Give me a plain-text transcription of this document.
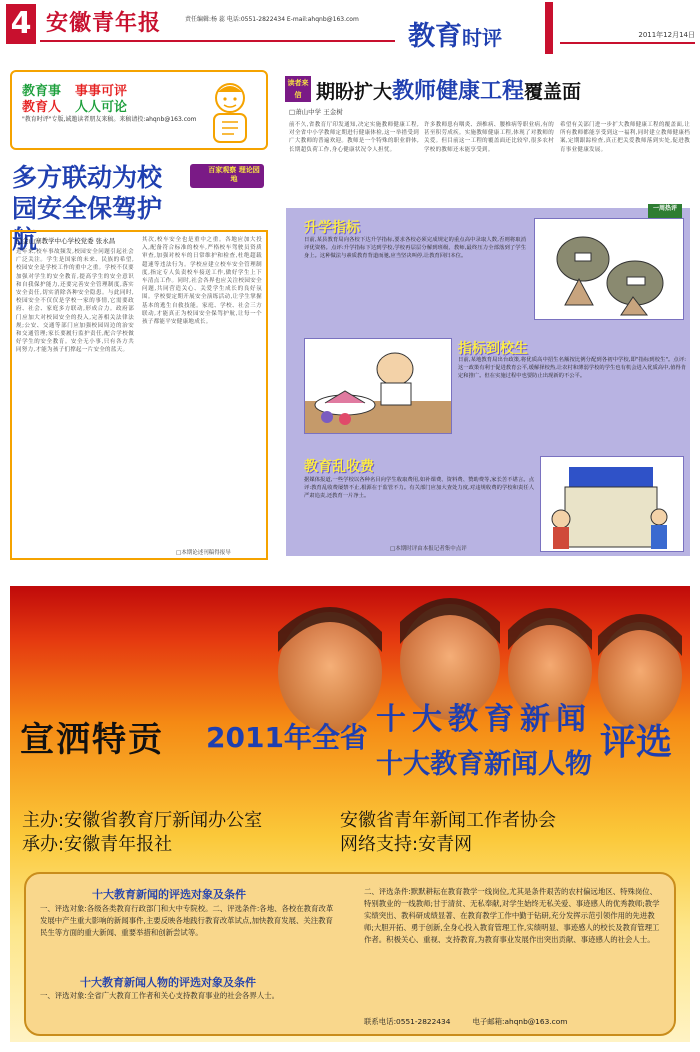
4 安徽青年报	责任编辑:杨 蕊 电话:0551-2822434 E-mail:ahqnb@163.com
教育时评	2011年12月14日
教育事 事事可评
教育人 人人可论
"教育时评"专版,诚邀读者朋友来稿。来稿请投:ahqnb@163.com
多方联动为校园安全保驾护航
百家观察 理论园地
□金山寨教学中心学校党委 张永昌
近年来,校车事故频发,校园安全问题引起社会广泛关注。学生是国家的未来、民族的希望,校园安全是学校工作的重中之重。学校不仅要加强对学生的安全教育,提高学生的安全意识和自我保护能力,还要完善安全管理制度,落实安全责任,切实消除各种安全隐患。与此同时,校园安全不仅仅是学校一家的事情,它需要政府、社会、家庭多方联动,形成合力。政府部门应加大对校园安全的投入,完善相关法律法规;公安、交通等部门应加强校园周边的治安和交通管理;家长要履行监护责任,配合学校做好学生的安全教育。安全无小事,只有各方共同努力,才能为孩子们撑起一片安全的蓝天。
其次,校车安全也是重中之重。各地应加大投入,配备符合标准的校车,严格校车驾驶员资质审查,加强对校车的日常维护和检查,杜绝超载超速等违法行为。学校应建立校车安全管理制度,指定专人负责校车接送工作,做好学生上下车清点工作。同时,社会各界也应关注校园安全问题,共同营造关心、关爱学生成长的良好氛围。学校要定期开展安全演练活动,让学生掌握基本的逃生自救技能。家庭、学校、社会三方联动,才能真正为校园安全保驾护航,让每一个孩子都能平安健康地成长。
□本期论述刊稿得报导
读者来信 期盼扩大教师健康工程覆盖面
□萧山中学 王金树
前不久,省教育厅印发通知,决定实施教师健康工程,对全省中小学教师定期进行健康体检,这一举措受到广大教师的普遍欢迎。教师是一个特殊的职业群体,长期超负荷工作,身心健康状况令人担忧。
许多教师患有咽炎、颈椎病、腰椎病等职业病,有的甚至积劳成疾。实施教师健康工程,体现了对教师的关爱。但目前这一工程的覆盖面还比较窄,很多农村学校的教师还未能享受到。
希望有关部门进一步扩大教师健康工程的覆盖面,让所有教师都能享受到这一福利,同时建立教师健康档案,定期跟踪检查,真正把关爱教师落到实处,促进教育事业健康发展。
一周热评
升学指标
日前,某县教育局向各校下达升学指标,要求各校必须完成规定的重点高中录取人数,否则将取消评优资格。点评:升学指标下达到学校,学校再层层分解到班级、教师,最终压力全部落到了学生身上。这种做法与素质教育背道而驰,应当坚决叫停,让教育回归本位。
指标到校生
日前,某地教育局出台政策,将优质高中招生名额按比例分配到各初中学校,即"指标到校生"。点评:这一政策有利于促进教育公平,缓解择校热,让农村和薄弱学校的学生也有机会进入优质高中,值得肯定和推广。但在实施过程中也要防止出现新的不公平。
教育乱收费
据媒体报道,一些学校以各种名目向学生收取费用,如补课费、资料费、赞助费等,家长苦不堪言。点评:教育乱收费屡禁不止,根源在于监管不力。有关部门应加大查处力度,对违规收费的学校和责任人严肃追责,还教育一片净土。
□本期时评由本报记者集中点评
宣洒特贡 2011年全省
十大教育新闻
十大教育新闻人物
评选
主办:安徽省教育厅新闻办公室	安徽省青年新闻工作者协会
承办:安徽青年报社	网络支持:安青网
十大教育新闻的评选对象及条件
一、评选对象:各级各类教育行政部门和大中专院校。二、评选条件:各地、各校在教育改革发展中产生重大影响的新闻事件,主要反映各地践行教育改革试点,加快教育发展、关注教育民生等方面的重大新闻、重要举措和创新尝试等。
十大教育新闻人物的评选对象及条件
一、评选对象:全省广大教育工作者和关心支持教育事业的社会各界人士。
二、评选条件:默默耕耘在教育教学一线岗位,尤其是条件艰苦的农村偏远地区、特殊岗位、特别教业的一线教师;甘于清贫、无私奉献,对学生始终无私关爱、事迹感人的优秀教师;教学实绩突出、教科研成绩显著、在教育教学工作中勤于钻研,充分发挥示范引领作用的先进教师;大胆开拓、勇于创新,全身心投入教育管理工作,实绩明显、事迹感人的校长及教育管理工作者。积极关心、重视、支持教育,为教育事业发展作出突出贡献、事迹感人的社会人士。
联系电话:0551-2822434	电子邮箱:ahqnb@163.com
